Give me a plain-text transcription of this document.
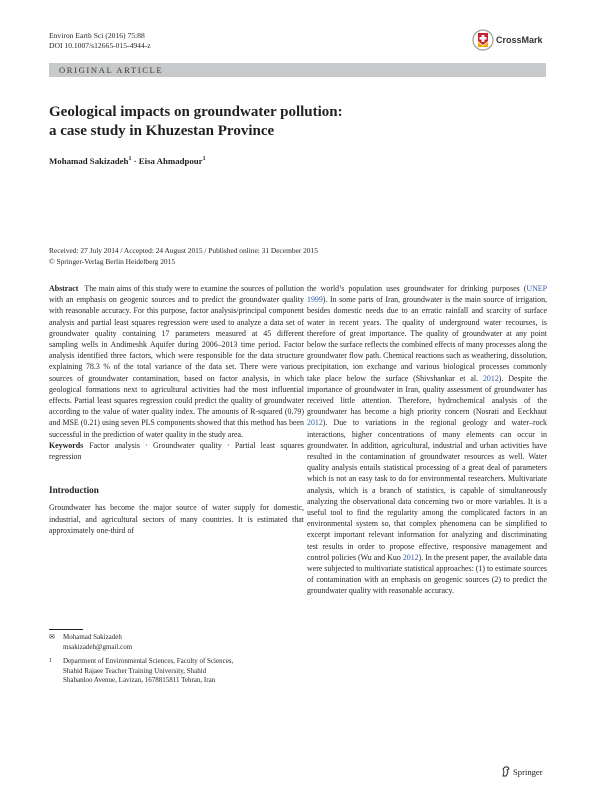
Environ Earth Sci (2016) 75:88
DOI 10.1007/s12665-015-4944-z
CrossMark
ORIGINAL ARTICLE
Geological impacts on groundwater pollution:
a case study in Khuzestan Province
Mohamad Sakizadeh$^1$ · Eisa Ahmadpour$^1$
Received: 27 July 2014 / Accepted: 24 August 2015 / Published online: 31 December 2015
© Springer-Verlag Berlin Heidelberg 2015

Abstract The main aims of this study were to examine the sources of pollution with an emphasis on geogenic sources and to predict the groundwater quality with reasonable accuracy. For this purpose, factor analysis/principal component analysis and partial least squares regression were used to analyze a data set of groundwater quality containing 17 parameters measured at 45 different sampling wells in Andimeshk Aquifer during 2006–2013 time period. Factor analysis identified three factors, which were responsible for the data structure explaining 78.3 % of the total variance of the data set. There were various sources of groundwater contamination, based on factor analysis, in which geological formations next to agricultural activities had the most influential effects. Partial least squares regression could predict the quality of groundwater according to the value of water quality index. The amounts of R-squared (0.79) and MSE (0.21) using seven PLS components showed that this method has been successful in the prediction of water quality in the study area.

Keywords Factor analysis · Groundwater quality · Partial least squares regression

Introduction

Groundwater has become the major source of water supply for domestic, industrial, and agricultural sectors of many countries. It is estimated that approximately one-third of

the world’s population uses groundwater for drinking purposes (UNEP 1999). In some parts of Iran, groundwater is the main source of irrigation, besides domestic needs due to an erratic rainfall and scarcity of surface water in recent years. The quality of underground water recourses, is therefore of great importance. The quality of groundwater at any point below the surface reflects the combined effects of many processes along the groundwater flow path. Chemical reactions such as weathering, dissolution, precipitation, ion exchange and various biological processes commonly take place below the surface (Shivshankar et al. 2012). Despite the importance of groundwater in Iran, quality assessment of groundwater has received little attention. Therefore, hydrochemical analysis of the groundwater has become a high priority concern (Nosrati and Eeckhaut 2012). Due to variations in the regional geology and water–rock interactions, higher concentrations of many elements can occur in groundwater. In addition, agricultural, industrial and urban activities have resulted in the contamination of groundwater resources as well. Water quality analysis entails statistical processing of a great deal of parameters which is not an easy task to do for environmental researchers. Multivariate analysis, which is a branch of statistics, is capable of simultaneously analyzing the observational data concerning two or more variables. It is a useful tool to find the regularity among the complicated factors in an environmental system so, that complex phenomena can be simplified to excerpt important relevant information for analyzing and discriminating test results in order to propose effective, responsive management and control policies (Wu and Kuo 2012). In the present paper, the available data were subjected to multivariate statistical approaches: (1) to estimate sources of contamination with an emphasis on geogenic sources (2) to predict the groundwater quality with reasonable accuracy.

✉ Mohamad Sakizadeh
msakizadeh@gmail.com
1 Department of Environmental Sciences, Faculty of Sciences,
Shahid Rajaee Teacher Training University, Shahid
Shabanloo Avenue, Lavizan, 1678815811 Tehran, Iran
Springer
